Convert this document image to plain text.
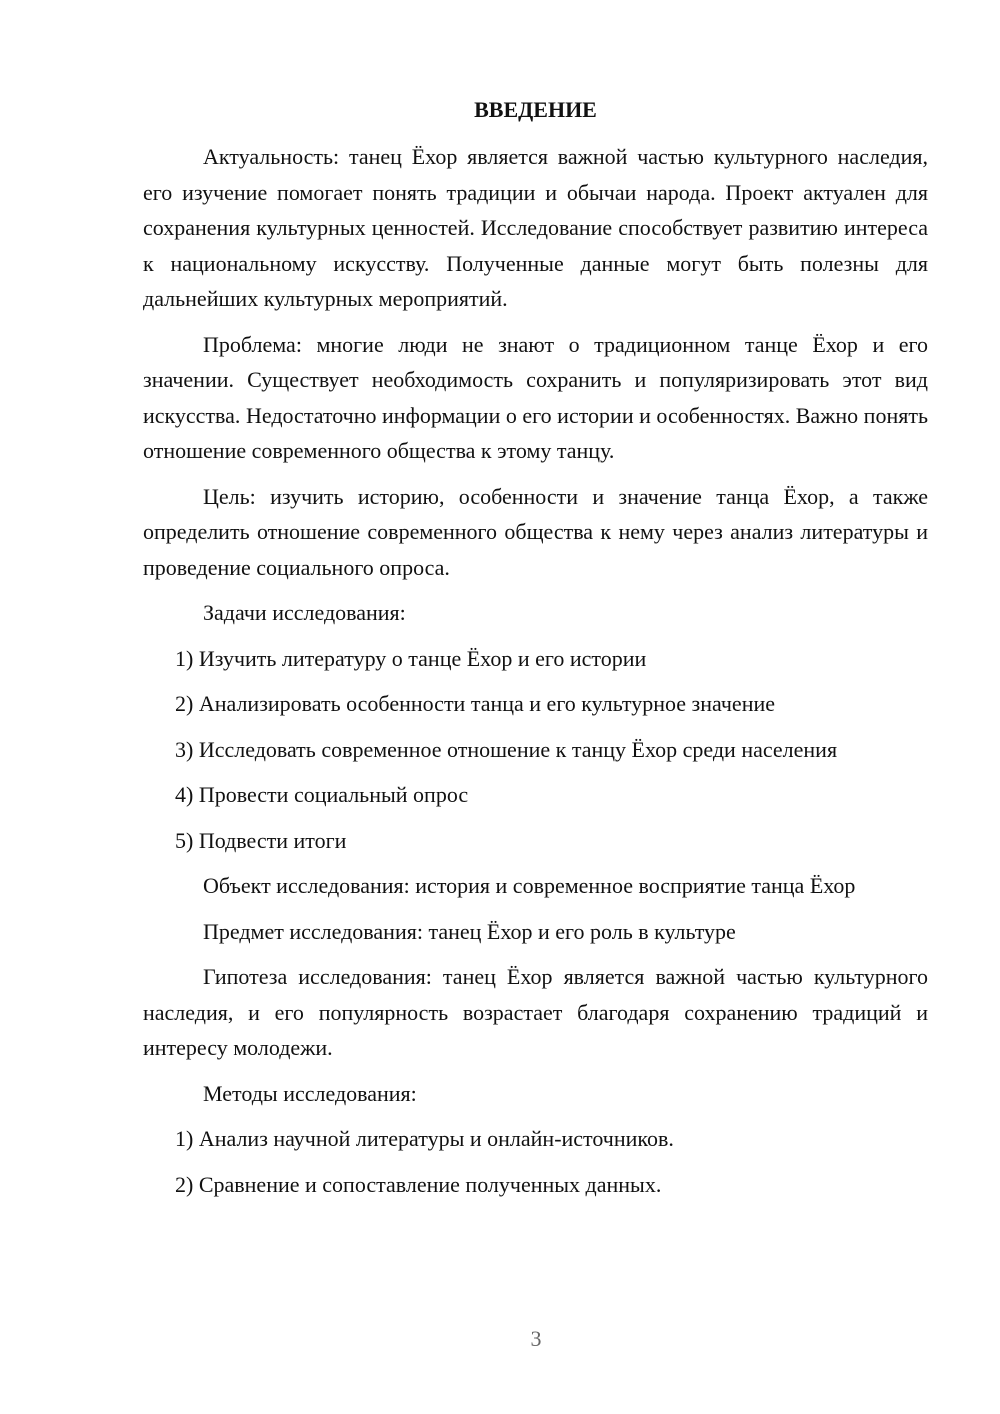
ВВЕДЕНИЕ

Актуальность: танец Ёхор является важной частью культурного наследия, его изучение помогает понять традиции и обычаи народа. Проект актуален для сохранения культурных ценностей. Исследование способствует развитию интереса к национальному искусству. Полученные данные могут быть полезны для дальнейших культурных мероприятий.

Проблема: многие люди не знают о традиционном танце Ёхор и его значении. Существует необходимость сохранить и популяризировать этот вид искусства. Недостаточно информации о его истории и особенностях. Важно понять отношение современного общества к этому танцу.

Цель: изучить историю, особенности и значение танца Ёхор, а также определить отношение современного общества к нему через анализ литературы и проведение социального опроса.

Задачи исследования:

1) Изучить литературу о танце Ёхор и его истории
2) Анализировать особенности танца и его культурное значение
3) Исследовать современное отношение к танцу Ёхор среди населения
4) Провести социальный опрос
5) Подвести итоги

Объект исследования: история и современное восприятие танца Ёхор

Предмет исследования: танец Ёхор и его роль в культуре

Гипотеза исследования: танец Ёхор является важной частью культурного наследия, и его популярность возрастает благодаря сохранению традиций и интересу молодежи.

Методы исследования:

1) Анализ научной литературы и онлайн-источников.
2) Сравнение и сопоставление полученных данных.
3
